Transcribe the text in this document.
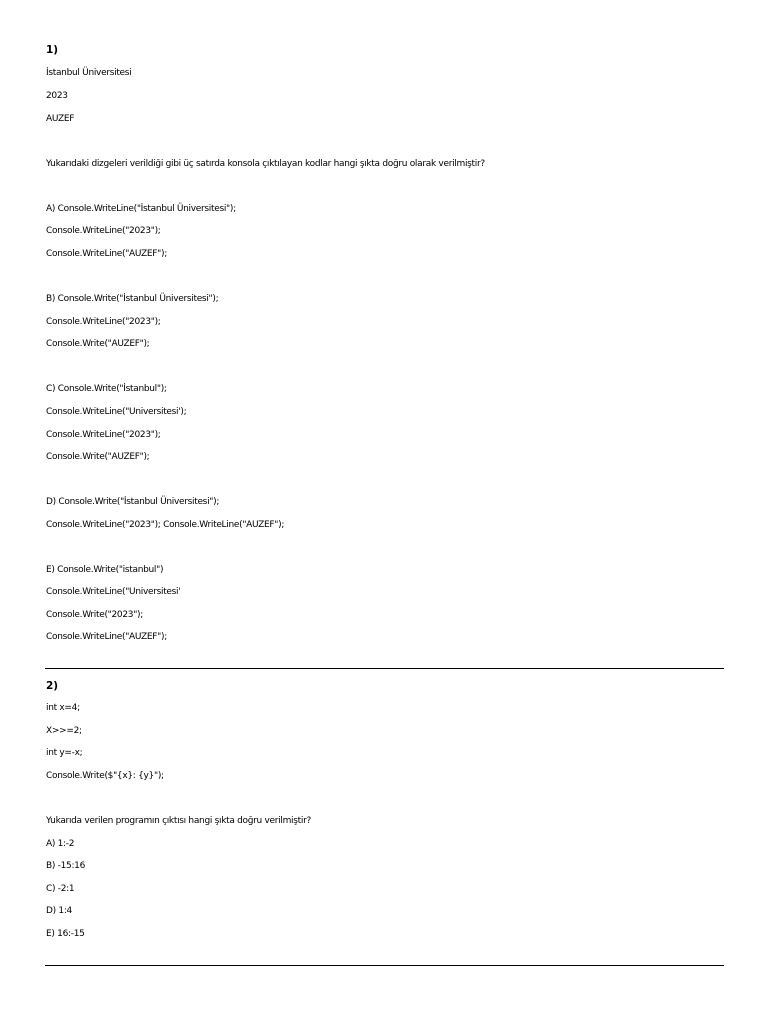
1)
İstanbul Üniversitesi
2023
AUZEF
Yukarıdaki dizgeleri verildiği gibi üç satırda konsola çıktılayan kodlar hangi şıkta doğru olarak verilmiştir?
A) Console.WriteLine("İstanbul Üniversitesi");
Console.WriteLine("2023");
Console.WriteLine("AUZEF");
B) Console.Write("İstanbul Üniversitesi");
Console.WriteLine("2023");
Console.Write("AUZEF");
C) Console.Write("İstanbul");
Console.WriteLine("Universitesi');
Console.WriteLine("2023");
Console.Write("AUZEF");
D) Console.Write("İstanbul Üniversitesi");
Console.WriteLine("2023"); Console.WriteLine("AUZEF");
E) Console.Write("istanbul")
Console.WriteLine("Universitesi'
Console.Write("2023");
Console.WriteLine("AUZEF");
2)
int x=4;
X>>=2;
int y=-x;
Console.Write($"{x}: {y}");
Yukarıda verilen programın çıktısı hangi şıkta doğru verilmiştir?
A) 1:-2
B) -15:16
C) -2:1
D) 1:4
E) 16:-15
